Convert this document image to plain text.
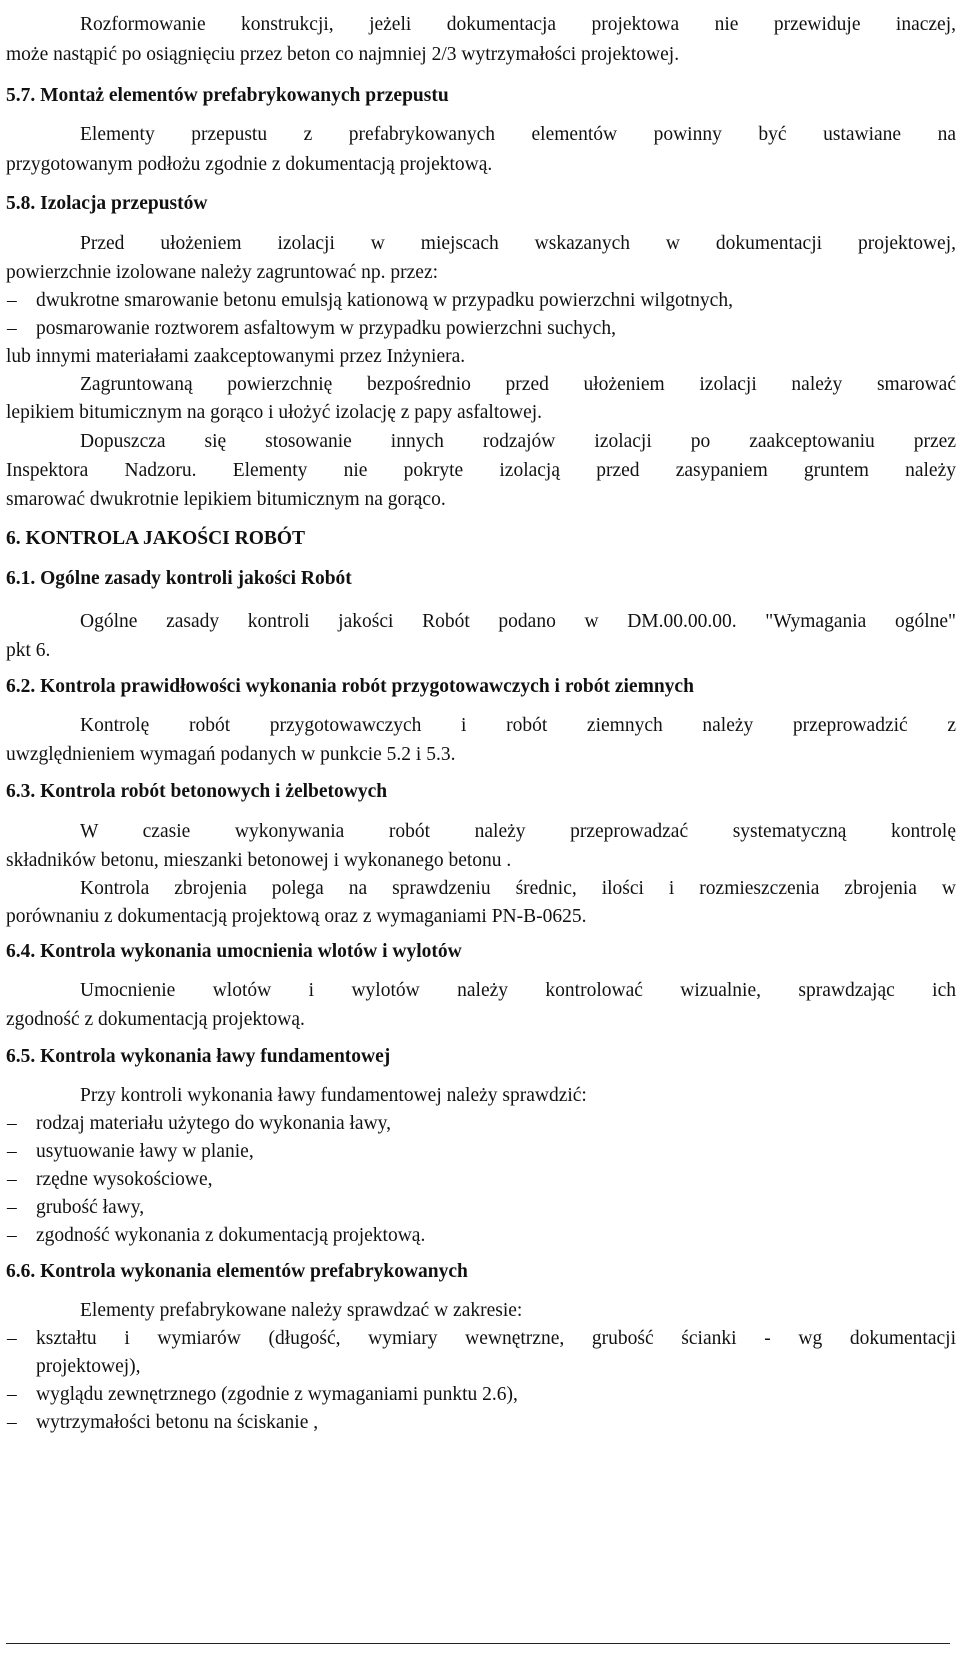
Rozformowanie konstrukcji, jeżeli dokumentacja projektowa nie przewiduje inaczej,
może nastąpić po osiągnięciu przez beton co najmniej 2/3 wytrzymałości projektowej.
5.7. Montaż elementów prefabrykowanych przepustu
Elementy przepustu z prefabrykowanych elementów powinny być ustawiane na
przygotowanym podłożu zgodnie z dokumentacją projektową.
5.8. Izolacja przepustów
Przed ułożeniem izolacji w miejscach wskazanych w dokumentacji projektowej,
powierzchnie izolowane należy zagruntować np. przez:
– dwukrotne smarowanie betonu emulsją kationową w przypadku powierzchni wilgotnych,
– posmarowanie roztworem asfaltowym w przypadku powierzchni suchych,
lub innymi materiałami zaakceptowanymi przez Inżyniera.
Zagruntowaną powierzchnię bezpośrednio przed ułożeniem izolacji należy smarować
lepikiem bitumicznym na gorąco i ułożyć izolację z papy asfaltowej.
Dopuszcza się stosowanie innych rodzajów izolacji po zaakceptowaniu przez
Inspektora Nadzoru. Elementy nie pokryte izolacją przed zasypaniem gruntem należy
smarować dwukrotnie lepikiem bitumicznym na gorąco.
6. KONTROLA JAKOŚCI ROBÓT
6.1. Ogólne zasady kontroli jakości Robót
Ogólne zasady kontroli jakości Robót podano w DM.00.00.00. "Wymagania ogólne"
pkt 6.
6.2. Kontrola prawidłowości wykonania robót przygotowawczych i robót ziemnych
Kontrolę robót przygotowawczych i robót ziemnych należy przeprowadzić z
uwzględnieniem wymagań podanych w punkcie 5.2 i 5.3.
6.3. Kontrola robót betonowych i żelbetowych
W czasie wykonywania robót należy przeprowadzać systematyczną kontrolę
składników betonu, mieszanki betonowej i wykonanego betonu .
Kontrola zbrojenia polega na sprawdzeniu średnic, ilości i rozmieszczenia zbrojenia w
porównaniu z dokumentacją projektową oraz z wymaganiami PN-B-0625.
6.4. Kontrola wykonania umocnienia wlotów i wylotów
Umocnienie wlotów i wylotów należy kontrolować wizualnie, sprawdzając ich
zgodność z dokumentacją projektową.
6.5. Kontrola wykonania ławy fundamentowej
Przy kontroli wykonania ławy fundamentowej należy sprawdzić:
– rodzaj materiału użytego do wykonania ławy,
– usytuowanie ławy w planie,
– rzędne wysokościowe,
– grubość ławy,
– zgodność wykonania z dokumentacją projektową.
6.6. Kontrola wykonania elementów prefabrykowanych
Elementy prefabrykowane należy sprawdzać w zakresie:
– kształtu i wymiarów (długość, wymiary wewnętrzne, grubość ścianki - wg dokumentacji
projektowej),
– wyglądu zewnętrznego (zgodnie z wymaganiami punktu 2.6),
– wytrzymałości betonu na ściskanie ,
